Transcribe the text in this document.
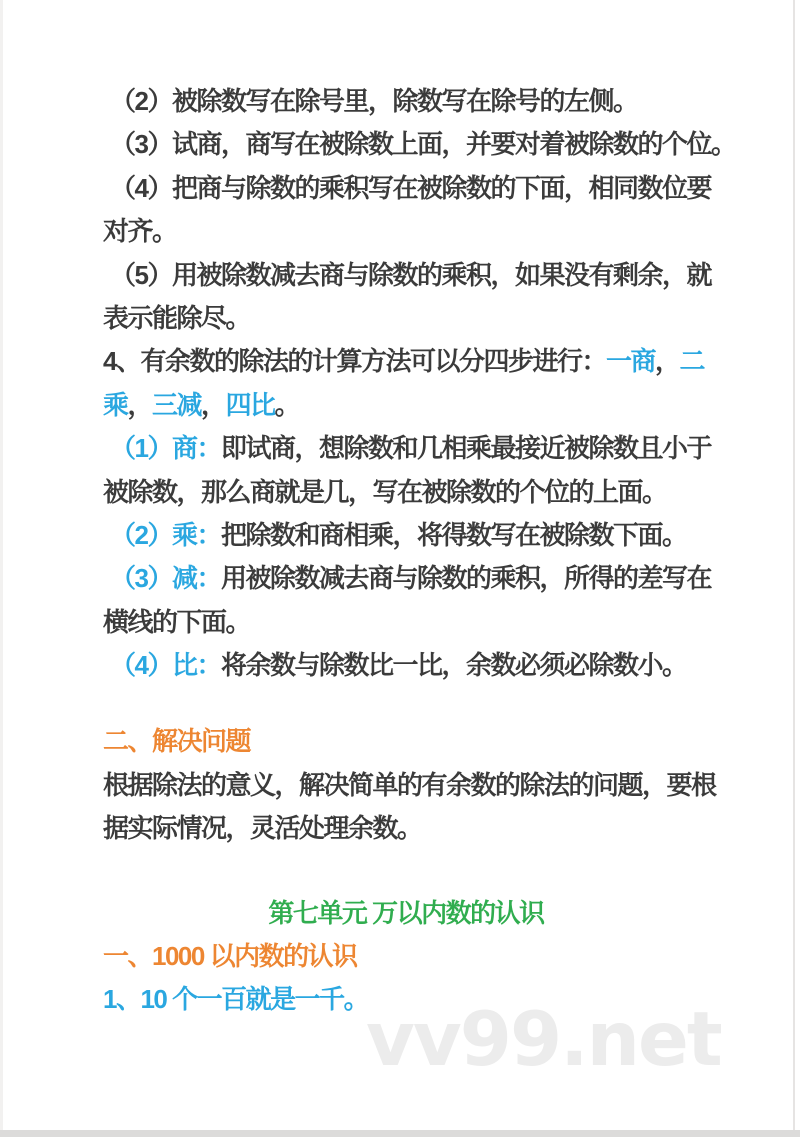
vv99.net
（2）被除数写在除号里，除数写在除号的左侧。
（3）试商，商写在被除数上面，并要对着被除数的个位。
（4）把商与除数的乘积写在被除数的下面，相同数位要
对齐。
（5）用被除数减去商与除数的乘积，如果没有剩余，就
表示能除尽。
4、有余数的除法的计算方法可以分四步进行：一商，二
乘，三减，四比。
（1）商：即试商，想除数和几相乘最接近被除数且小于
被除数，那么商就是几，写在被除数的个位的上面。
（2）乘：把除数和商相乘，将得数写在被除数下面。
（3）减：用被除数减去商与除数的乘积，所得的差写在
横线的下面。
（4）比：将余数与除数比一比，余数必须必除数小。
二、解决问题
根据除法的意义，解决简单的有余数的除法的问题，要根
据实际情况，灵活处理余数。
第七单元 万以内数的认识
一、1000 以内数的认识
1、10 个一百就是一千。
